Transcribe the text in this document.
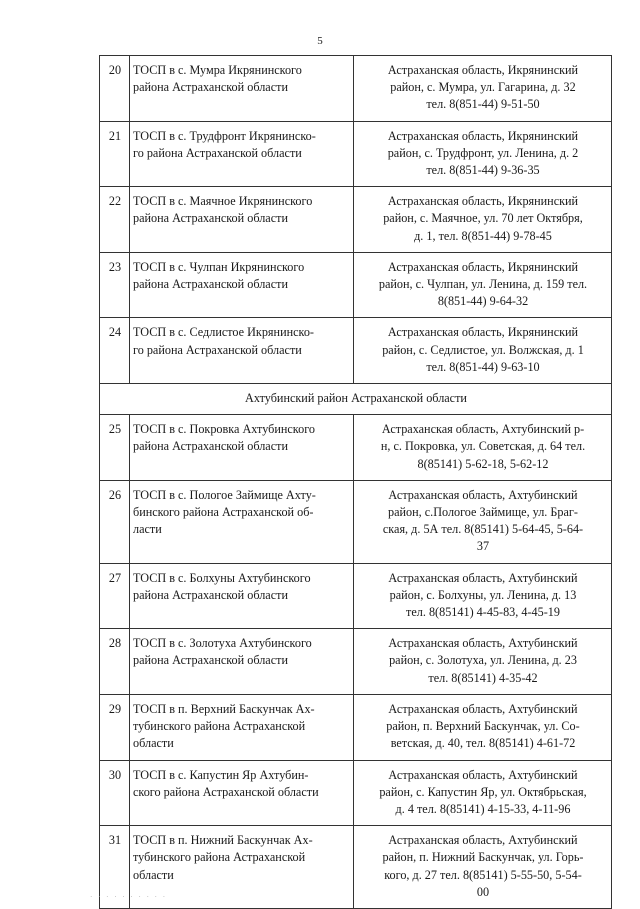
5
20	ТОСП в с. Мумра Икрянинского
района Астраханской области	Астраханская область, Икрянинский
район, с. Мумра, ул. Гагарина, д. 32
тел. 8(851-44) 9-51-50

21	ТОСП в с. Трудфронт Икрянинско-
го района Астраханской области	Астраханская область, Икрянинский
район, с. Трудфронт, ул. Ленина, д. 2
тел. 8(851-44) 9-36-35

22	ТОСП в с. Маячное Икрянинского
района Астраханской области	Астраханская область, Икрянинский
район, с. Маячное, ул. 70 лет Октября,
д. 1, тел. 8(851-44) 9-78-45

23	ТОСП в с. Чулпан Икрянинского
района Астраханской области	Астраханская область, Икрянинский
район, с. Чулпан, ул. Ленина, д. 159 тел.
8(851-44) 9-64-32

24	ТОСП в с. Седлистое Икрянинско-
го района Астраханской области	Астраханская область, Икрянинский
район, с. Седлистое, ул. Волжская, д. 1
тел. 8(851-44) 9-63-10

Ахтубинский район Астраханской области		
25	ТОСП в с. Покровка Ахтубинского
района Астраханской области	Астраханская область, Ахтубинский р-
н, с. Покровка, ул. Советская, д. 64 тел.
8(85141) 5-62-18, 5-62-12

26	ТОСП в с. Пологое Займище Ахту-
бинского района Астраханской об-
ласти	Астраханская область, Ахтубинский
район, с.Пологое Займище, ул. Браг-
ская, д. 5А тел. 8(85141) 5-64-45, 5-64-
37

27	ТОСП в с. Болхуны Ахтубинского
района Астраханской области	Астраханская область, Ахтубинский
район, с. Болхуны, ул. Ленина, д. 13
тел. 8(85141) 4-45-83, 4-45-19

28	ТОСП в с. Золотуха Ахтубинского
района Астраханской области	Астраханская область, Ахтубинский
район, с. Золотуха, ул. Ленина, д. 23
тел. 8(85141) 4-35-42

29	ТОСП в п. Верхний Баскунчак Ах-
тубинского района Астраханской
области	Астраханская область, Ахтубинский
район, п. Верхний Баскунчак, ул. Со-
ветская, д. 40, тел. 8(85141) 4-61-72

30	ТОСП в с. Капустин Яр Ахтубин-
ского района Астраханской области	Астраханская область, Ахтубинский
район, с. Капустин Яр, ул. Октябрьская,
д. 4 тел. 8(85141) 4-15-33, 4-11-96

31	ТОСП в п. Нижний Баскунчак Ах-
тубинского района Астраханской
области	Астраханская область, Ахтубинский
район, п. Нижний Баскунчак, ул. Горь-
кого, д. 27 тел. 8(85141) 5-55-50, 5-54-
00
· · · · · · · · · ·
